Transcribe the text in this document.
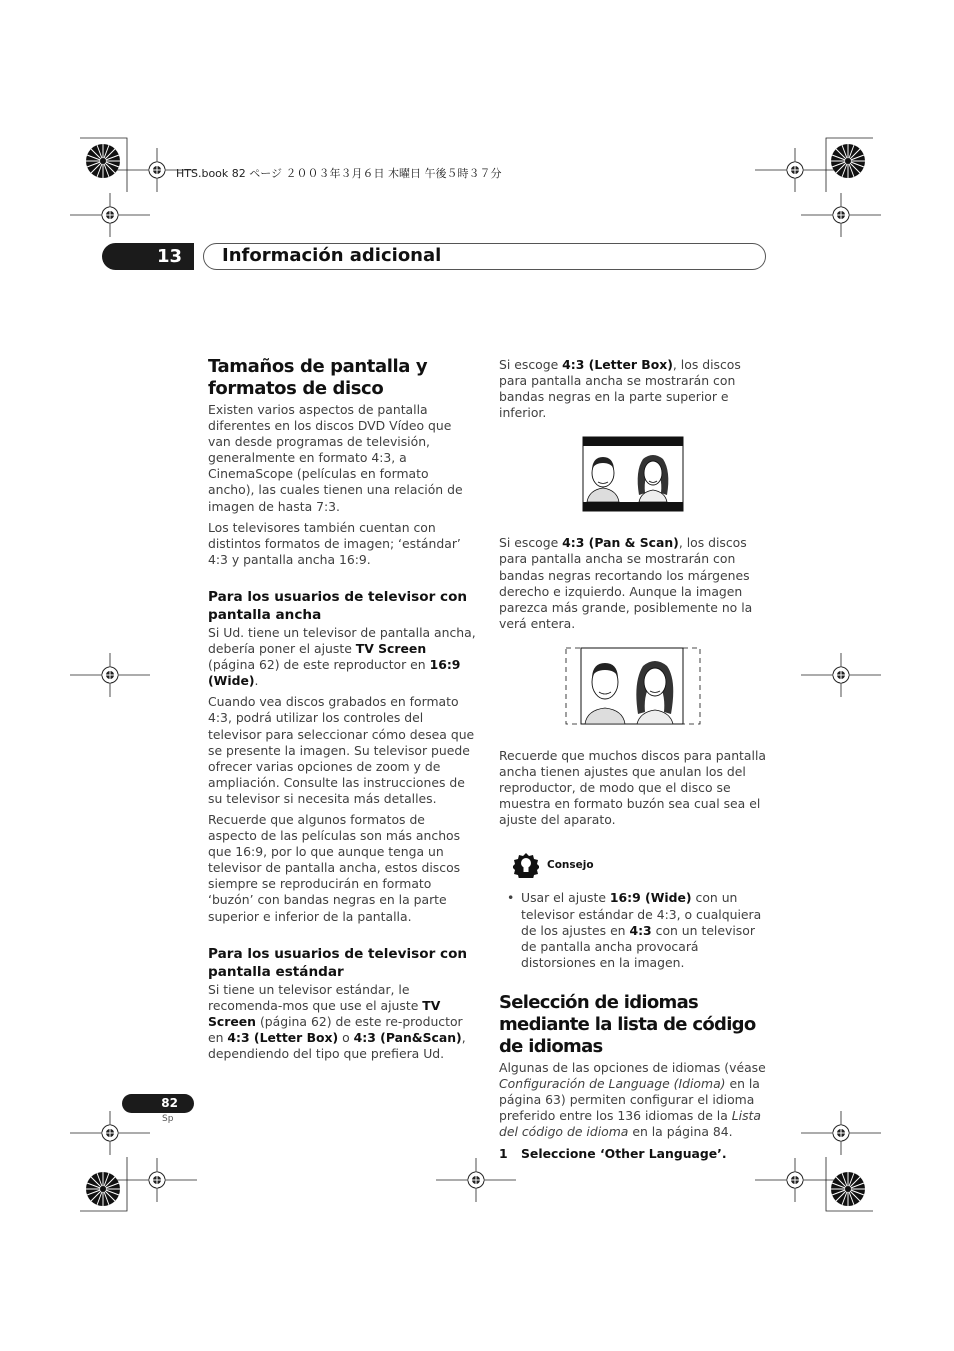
HTS.book 82 ページ ２００３年３月６日 木曜日 午後５時３７分
13	Información adicional
Tamaños de pantalla y formatos de disco

Existen varios aspectos de pantalla diferentes en los discos DVD Vídeo que van desde programas de televisión, generalmente en formato 4:3, a CinemaScope (películas en formato ancho), las cuales tienen una relación de imagen de hasta 7:3.

Los televisores también cuentan con distintos formatos de imagen; ‘estándar’ 4:3 y pantalla ancha 16:9.

Para los usuarios de televisor con pantalla ancha

Si Ud. tiene un televisor de pantalla ancha, debería poner el ajuste TV Screen (página 62) de este reproductor en 16:9 (Wide).

Cuando vea discos grabados en formato 4:3, podrá utilizar los controles del televisor para seleccionar cómo desea que se presente la imagen. Su televisor puede ofrecer varias opciones de zoom y de ampliación. Consulte las instrucciones de su televisor si necesita más detalles.

Recuerde que algunos formatos de aspecto de las películas son más anchos que 16:9, por lo que aunque tenga un televisor de pantalla ancha, estos discos siempre se reproducirán en formato ‘buzón’ con bandas negras en la parte superior e inferior de la pantalla.

Para los usuarios de televisor con pantalla estándar

Si tiene un televisor estándar, le recomenda-mos que use el ajuste TV Screen (página 62) de este re-productor en 4:3 (Letter Box) o 4:3 (Pan&Scan), dependiendo del tipo que prefiera Ud.

Si escoge 4:3 (Letter Box), los discos para pantalla ancha se mostrarán con bandas negras en la parte superior e inferior.

Si escoge 4:3 (Pan & Scan), los discos para pantalla ancha se mostrarán con bandas negras recortando los márgenes derecho e izquierdo. Aunque la imagen parezca más grande, posiblemente no la verá entera.

Recuerde que muchos discos para pantalla ancha tienen ajustes que anulan los del reproductor, de modo que el disco se muestra en formato buzón sea cual sea el ajuste del aparato.

Consejo
• Usar el ajuste 16:9 (Wide) con un televisor estándar de 4:3, o cualquiera de los ajustes en 4:3 con un televisor de pantalla ancha provocará distorsiones en la imagen.
Selección de idiomas mediante la lista de código de idiomas

Algunas de las opciones de idiomas (véase Configuración de Language (Idioma) en la página 63) permiten configurar el idioma preferido entre los 136 idiomas de la Lista del código de idioma en la página 84.

1 Seleccione ‘Other Language’.
82
Sp
